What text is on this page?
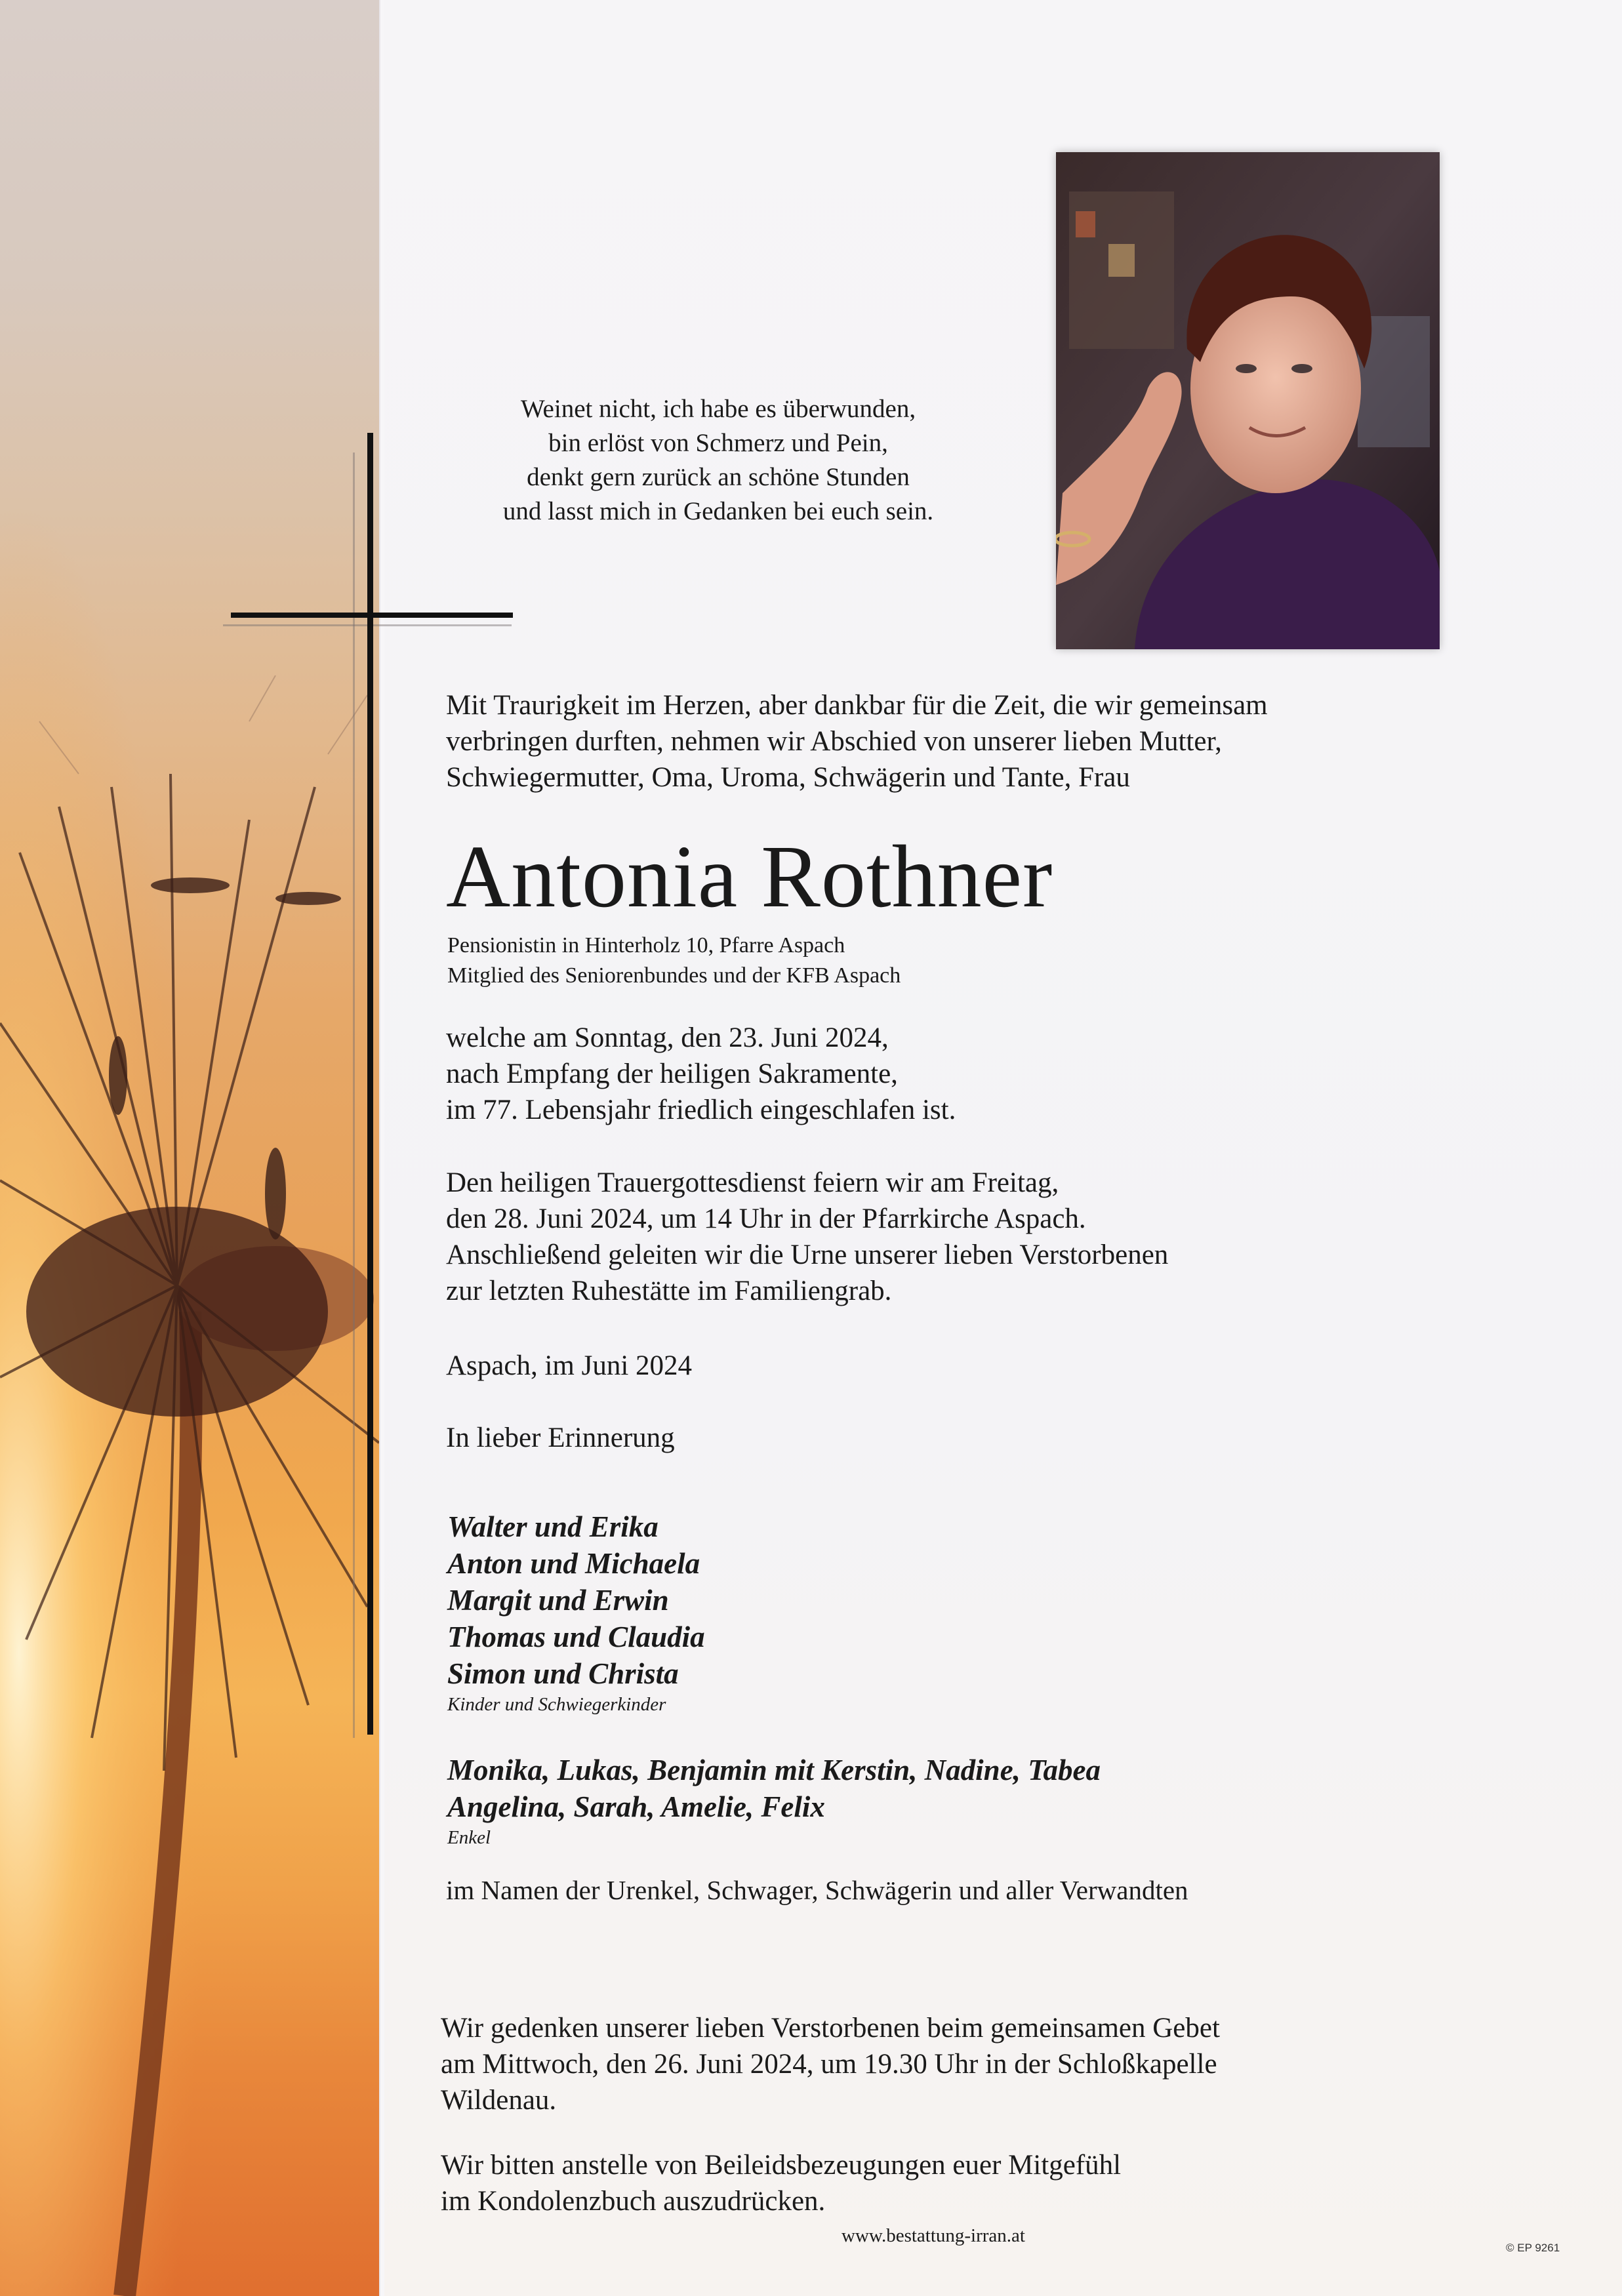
Weinet nicht, ich habe es überwunden,
bin erlöst von Schmerz und Pein,
denkt gern zurück an schöne Stunden
und lasst mich in Gedanken bei euch sein.
Mit Traurigkeit im Herzen, aber dankbar für die Zeit, die wir gemeinsam
verbringen durften, nehmen wir Abschied von unserer lieben Mutter,
Schwiegermutter, Oma, Uroma, Schwägerin und Tante, Frau
Antonia Rothner
Pensionistin in Hinterholz 10, Pfarre Aspach
Mitglied des Seniorenbundes und der KFB Aspach
welche am Sonntag, den 23. Juni 2024,
nach Empfang der heiligen Sakramente,
im 77. Lebensjahr friedlich eingeschlafen ist.
Den heiligen Trauergottesdienst feiern wir am Freitag,
den 28. Juni 2024, um 14 Uhr in der Pfarrkirche Aspach.
Anschließend geleiten wir die Urne unserer lieben Verstorbenen
zur letzten Ruhestätte im Familiengrab.
Aspach, im Juni 2024
In lieber Erinnerung
Walter und Erika
Anton und Michaela
Margit und Erwin
Thomas und Claudia
Simon und Christa
Kinder und Schwiegerkinder
Monika, Lukas, Benjamin mit Kerstin, Nadine, Tabea
Angelina, Sarah, Amelie, Felix
Enkel
im Namen der Urenkel, Schwager, Schwägerin und aller Verwandten
Wir gedenken unserer lieben Verstorbenen beim gemeinsamen Gebet
am Mittwoch, den 26. Juni 2024, um 19.30 Uhr in der Schloßkapelle
Wildenau.
Wir bitten anstelle von Beileidsbezeugungen euer Mitgefühl
im Kondolenzbuch auszudrücken.
www.bestattung-irran.at
© EP 9261
